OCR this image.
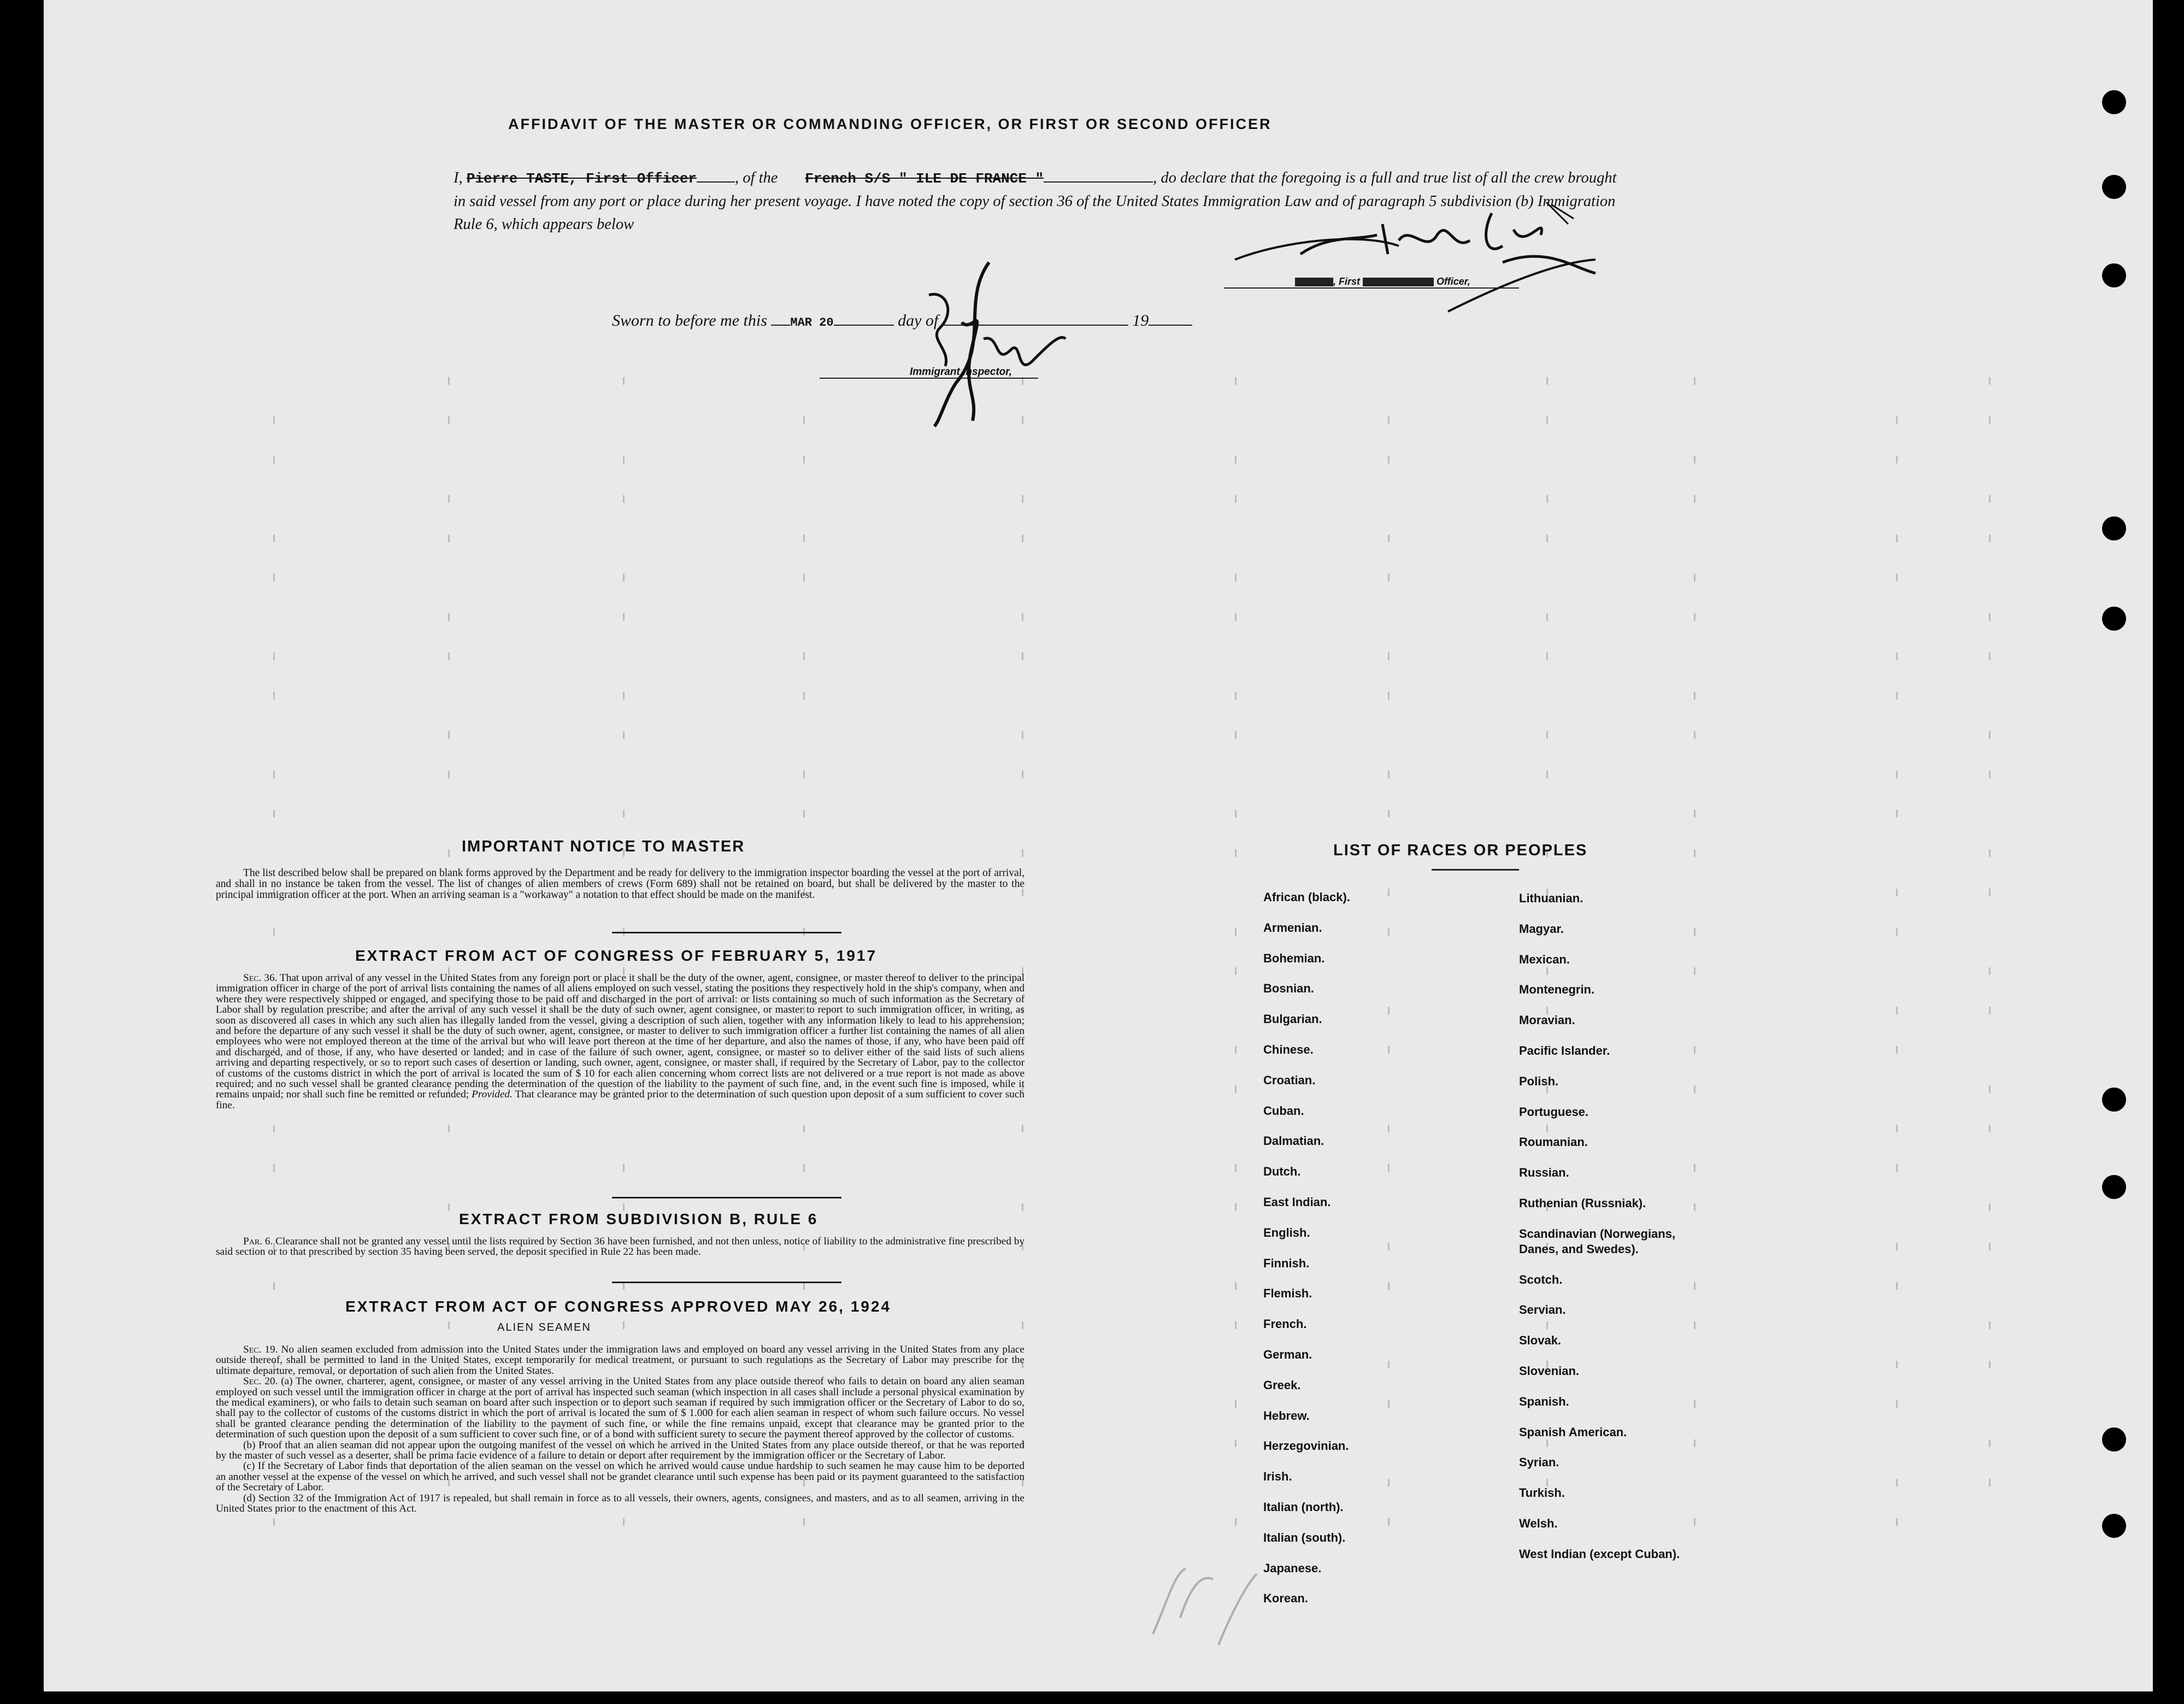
AFFIDAVIT OF THE MASTER OR COMMANDING OFFICER, OR FIRST OR SECOND OFFICER
I, Pierre TASTE, First Officer , of the French S/S " ILE DE FRANCE "	, do declare that the foregoing is a full and true list of all the crew brought in said vessel from any port or place during her present voyage. I have noted the copy of section 36 of the United States Immigration Law and of paragraph 5 subdivision (b) Immigration Rule 6, which appears below
, First	Officer,
Sworn to before me this MAR 20	day of	19
Immigrant Inspector,
IMPORTANT NOTICE TO MASTER
The list described below shall be prepared on blank forms approved by the Department and be ready for delivery to the immigration inspector boarding the vessel at the port of arrival, and shall in no instance be taken from the vessel. The list of changes of alien members of crews (Form 689) shall not be retained on board, but shall be delivered by the master to the principal immigration officer at the port. When an arriving seaman is a "workaway" a notation to that effect should be made on the manifest.
EXTRACT FROM ACT OF CONGRESS OF FEBRUARY 5, 1917
Sec. 36. That upon arrival of any vessel in the United States from any foreign port or place it shall be the duty of the owner, agent, consignee, or master thereof to deliver to the principal immigration officer in charge of the port of arrival lists containing the names of all aliens employed on such vessel, stating the positions they respectively hold in the ship's company, when and where they were respectively shipped or engaged, and specifying those to be paid off and discharged in the port of arrival: or lists containing so much of such information as the Secretary of Labor shall by regulation prescribe; and after the arrival of any such vessel it shall be the duty of such owner, agent consignee, or master to report to such immigration officer, in writing, as soon as discovered all cases in which any such alien has illegally landed from the vessel, giving a description of such alien, together with any information likely to lead to his apprehension; and before the departure of any such vessel it shall be the duty of such owner, agent, consignee, or master to deliver to such immigration officer a further list containing the names of all alien employees who were not employed thereon at the time of the arrival but who will leave port thereon at the time of her departure, and also the names of those, if any, who have been paid off and discharged, and of those, if any, who have deserted or landed; and in case of the failure of such owner, agent, consignee, or master so to deliver either of the said lists of such aliens arriving and departing respectively, or so to report such cases of desertion or landing, such owner, agent, consignee, or master shall, if required by the Secretary of Labor, pay to the collector of customs of the customs district in which the port of arrival is located the sum of $ 10 for each alien concerning whom correct lists are not delivered or a true report is not made as above required; and no such vessel shall be granted clearance pending the determination of the question of the liability to the payment of such fine, and, in the event such fine is imposed, while it remains unpaid; nor shall such fine be remitted or refunded; Provided. That clearance may be granted prior to the determination of such question upon deposit of a sum sufficient to cover such fine.
EXTRACT FROM SUBDIVISION B, RULE 6
Par. 6. Clearance shall not be granted any vessel until the lists required by Section 36 have been furnished, and not then unless, notice of liability to the administrative fine prescribed by said section or to that prescribed by section 35 having been served, the deposit specified in Rule 22 has been made.
EXTRACT FROM ACT OF CONGRESS APPROVED MAY 26, 1924
ALIEN SEAMEN
Sec. 19. No alien seamen excluded from admission into the United States under the immigration laws and employed on board any vessel arriving in the United States from any place outside thereof, shall be permitted to land in the United States, except temporarily for medical treatment, or pursuant to such regulations as the Secretary of Labor may prescribe for the ultimate departure, removal, or deportation of such alien from the United States.
Sec. 20. (a) The owner, charterer, agent, consignee, or master of any vessel arriving in the United States from any place outside thereof who fails to detain on board any alien seaman employed on such vessel until the immigration officer in charge at the port of arrival has inspected such seaman (which inspection in all cases shall include a personal physical examination by the medical examiners), or who fails to detain such seaman on board after such inspection or to deport such seaman if required by such immigration officer or the Secretary of Labor to do so, shall pay to the collector of customs of the customs district in which the port of arrival is located the sum of $ 1.000 for each alien seaman in respect of whom such failure occurs. No vessel shall be granted clearance pending the determination of the liability to the payment of such fine, or while the fine remains unpaid, except that clearance may be granted prior to the determination of such question upon the deposit of a sum sufficient to cover such fine, or of a bond with sufficient surety to secure the payment thereof approved by the collector of customs.
(b) Proof that an alien seaman did not appear upon the outgoing manifest of the vessel on which he arrived in the United States from any place outside thereof, or that he was reported by the master of such vessel as a deserter, shall be prima facie evidence of a failure to detain or deport after requirement by the immigration officer or the Secretary of Labor.
(c) If the Secretary of Labor finds that deportation of the alien seaman on the vessel on which he arrived would cause undue hardship to such seamen he may cause him to be deported an another vessel at the expense of the vessel on which he arrived, and such vessel shall not be grandet clearance until such expense has been paid or its payment guaranteed to the satisfaction of the Secretary of Labor.
(d) Section 32 of the Immigration Act of 1917 is repealed, but shall remain in force as to all vessels, their owners, agents, consignees, and masters, and as to all seamen, arriving in the United States prior to the enactment of this Act.
LIST OF RACES OR PEOPLES
African (black).
Armenian.
Bohemian.
Bosnian.
Bulgarian.
Chinese.
Croatian.
Cuban.
Dalmatian.
Dutch.
East Indian.
English.
Finnish.
Flemish.
French.
German.
Greek.
Hebrew.
Herzegovinian.
Irish.
Italian (north).
Italian (south).
Japanese.
Korean.
Lithuanian.
Magyar.
Mexican.
Montenegrin.
Moravian.
Pacific Islander.
Polish.
Portuguese.
Roumanian.
Russian.
Ruthenian (Russniak).
Scandinavian (Norwegians, Danes, and Swedes).
Scotch.
Servian.
Slovak.
Slovenian.
Spanish.
Spanish American.
Syrian.
Turkish.
Welsh.
West Indian (except Cuban).
